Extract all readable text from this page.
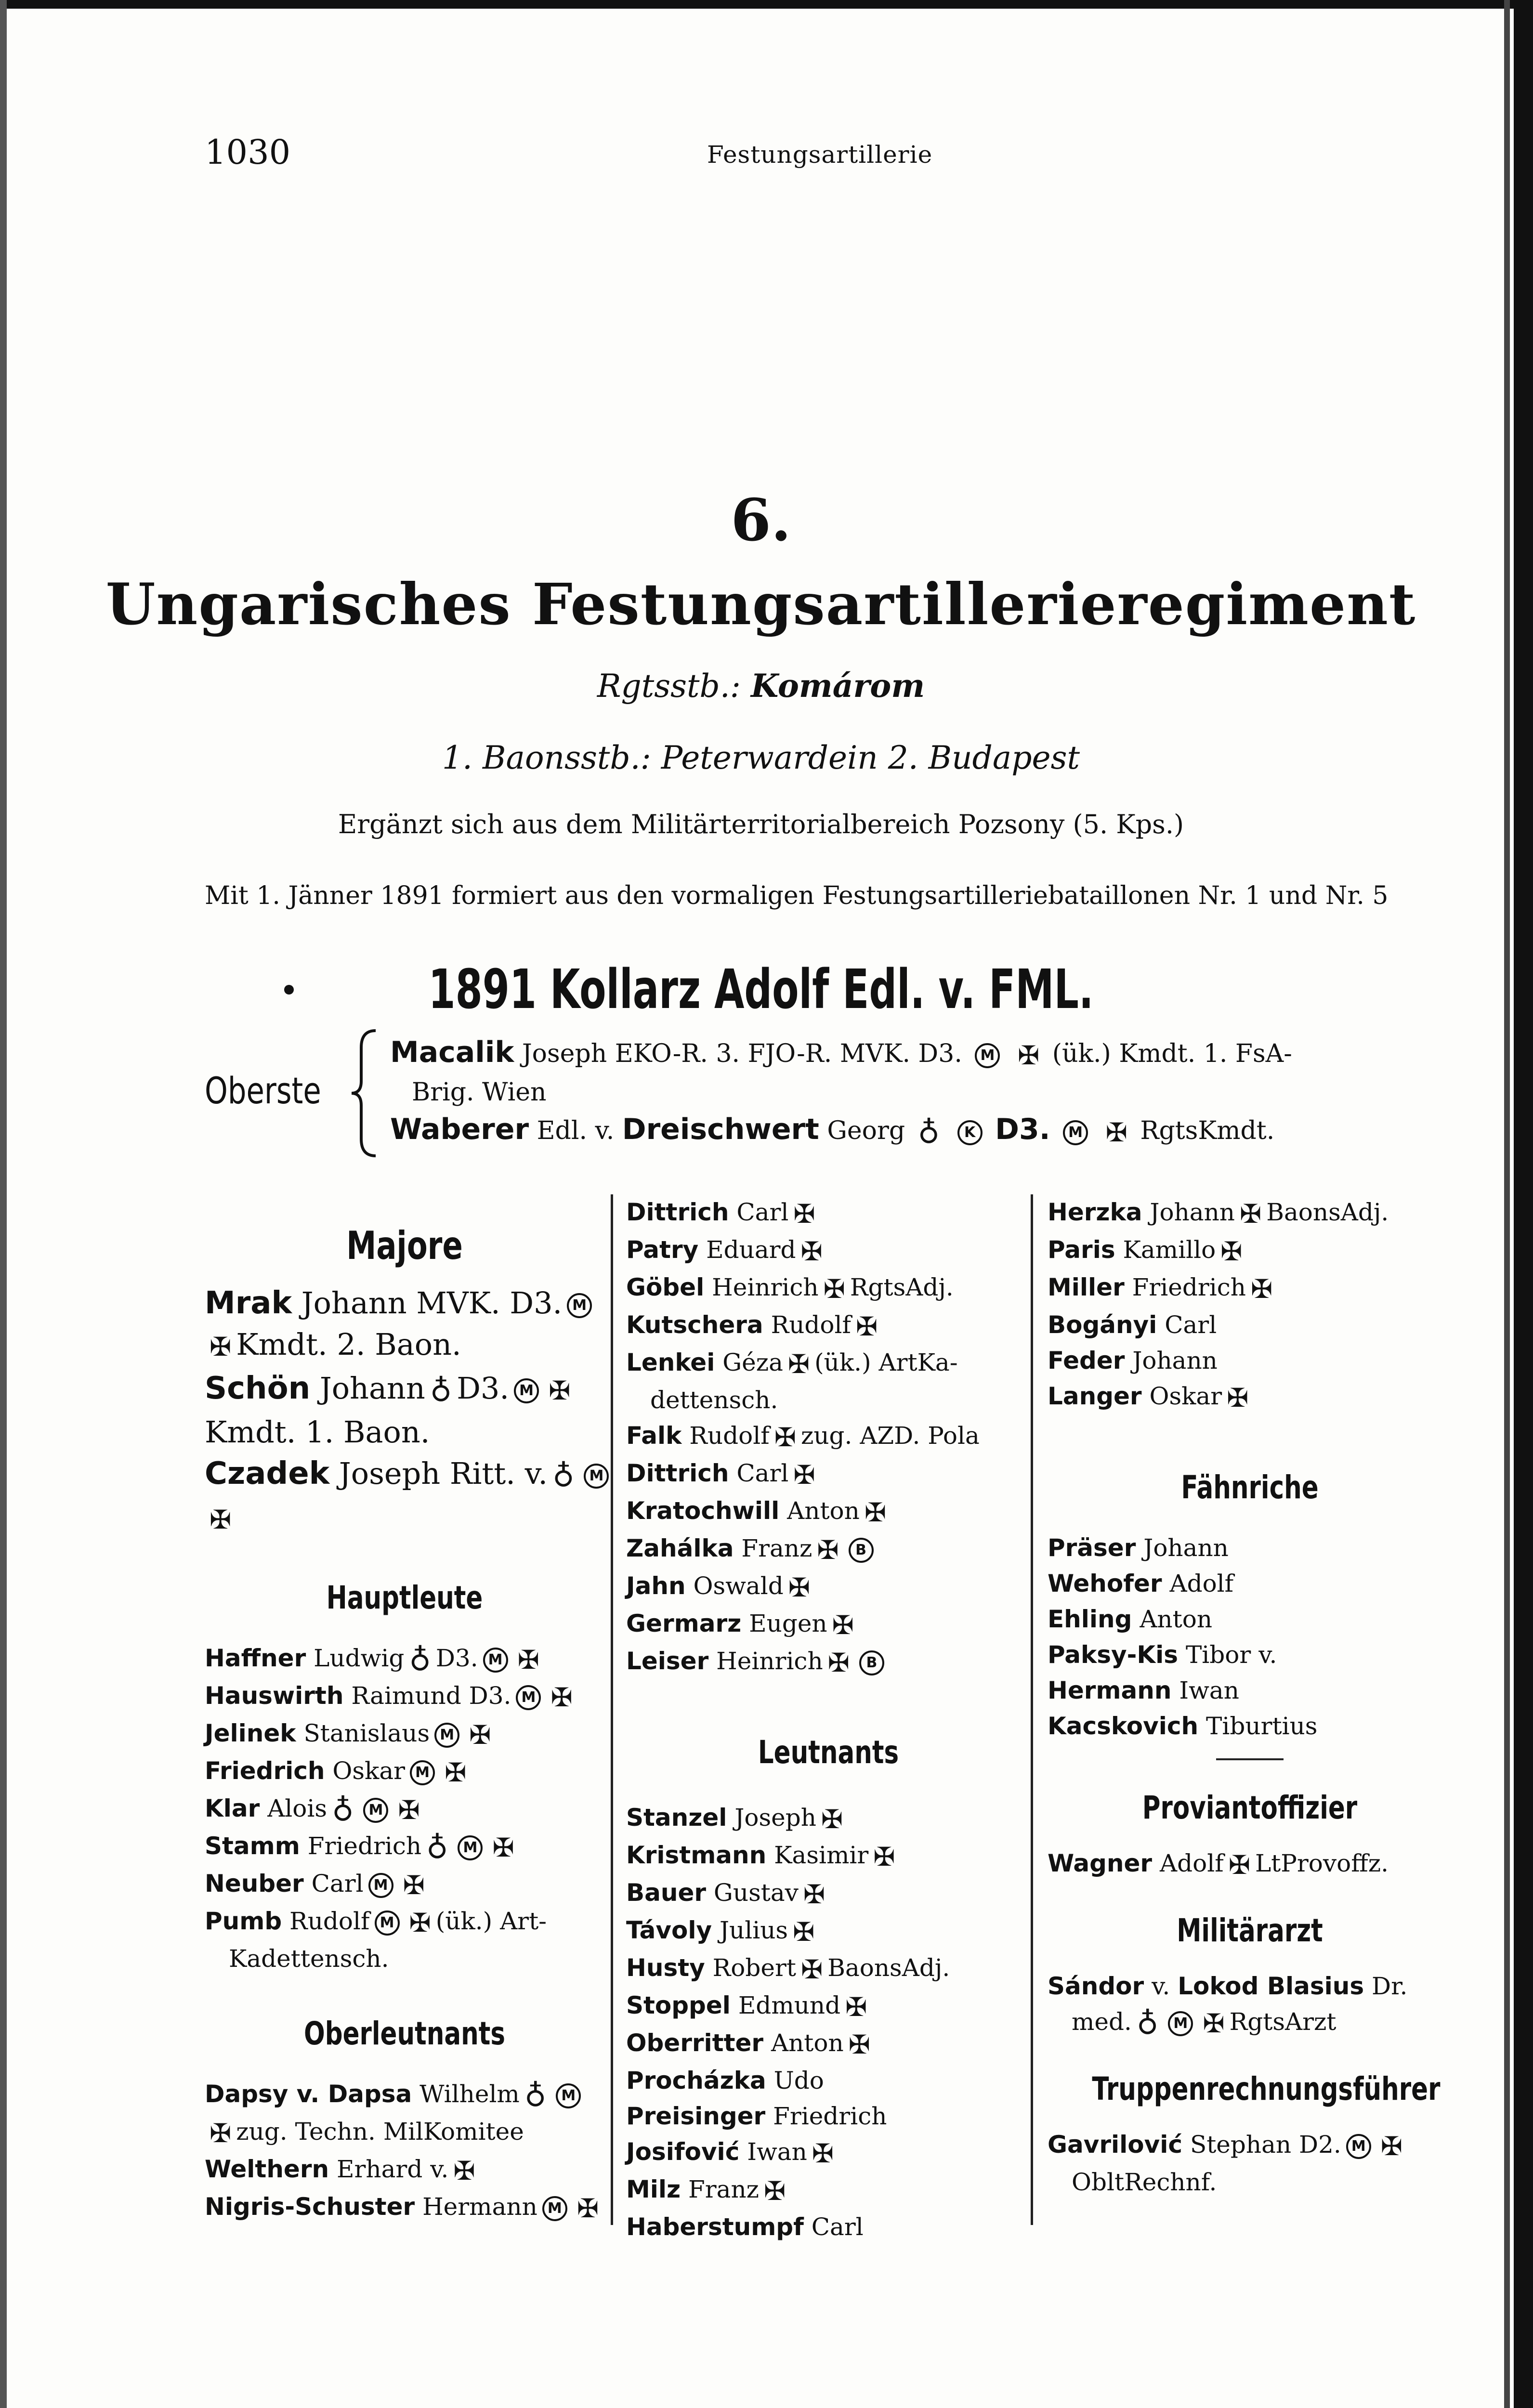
1030	Festungsartillerie
6.
Ungarisches Festungsartillerieregiment
Rgtsstb.: Komárom
1. Baonsstb.: Peterwardein 2. Budapest
Ergänzt sich aus dem Militärterritorialbereich Pozsony (5. Kps.)
Mit 1. Jänner 1891 formiert aus den vormaligen Festungsartilleriebataillonen Nr. 1 und Nr. 5
1891 Kollarz Adolf Edl. v. FML.
Oberste
Macalik Joseph EKO-R. 3. FJO-R. MVK. D3. M ✠ (ük.) Kmdt. 1. FsA-
Brig. Wien
Waberer Edl. v. Dreischwert Georg ♁ K D3. M ✠ RgtsKmdt.
Majore
Mrak Johann MVK. D3. M
✠ Kmdt. 2. Baon.
Schön Johann ♁ D3. M ✠
Kmdt. 1. Baon.
Czadek Joseph Ritt. v. ♁ M
✠
Hauptleute
Haffner Ludwig ♁ D3. M ✠
Hauswirth Raimund D3. M ✠
Jelinek Stanislaus M ✠
Friedrich Oskar M ✠
Klar Alois ♁ M ✠
Stamm Friedrich ♁ M ✠
Neuber Carl M ✠
Pumb Rudolf M ✠ (ük.) Art-
Kadettensch.
Oberleutnants
Dapsy v. Dapsa Wilhelm ♁ M
✠ zug. Techn. MilKomitee
Welthern Erhard v. ✠
Nigris-Schuster Hermann M ✠
Dittrich Carl ✠
Patry Eduard ✠
Göbel Heinrich ✠ RgtsAdj.
Kutschera Rudolf ✠
Lenkei Géza ✠ (ük.) ArtKa-
dettensch.
Falk Rudolf ✠ zug. AZD. Pola
Dittrich Carl ✠
Kratochwill Anton ✠
Zahálka Franz ✠ B
Jahn Oswald ✠
Germarz Eugen ✠
Leiser Heinrich ✠ B
Leutnants
Stanzel Joseph ✠
Kristmann Kasimir ✠
Bauer Gustav ✠
Távoly Julius ✠
Husty Robert ✠ BaonsAdj.
Stoppel Edmund ✠
Oberritter Anton ✠
Procházka Udo
Preisinger Friedrich
Josifović Iwan ✠
Milz Franz ✠
Haberstumpf Carl
Herzka Johann ✠ BaonsAdj.
Paris Kamillo ✠
Miller Friedrich ✠
Bogányi Carl
Feder Johann
Langer Oskar ✠
Fähnriche
Präser Johann
Wehofer Adolf
Ehling Anton
Paksy-Kis Tibor v.
Hermann Iwan
Kacskovich Tiburtius
Proviantoffizier
Wagner Adolf ✠ LtProvoffz.
Militärarzt
Sándor v. Lokod Blasius Dr.
med. ♁ M ✠ RgtsArzt
Truppenrechnungsführer
Gavrilović Stephan D2. M ✠
ObltRechnf.
